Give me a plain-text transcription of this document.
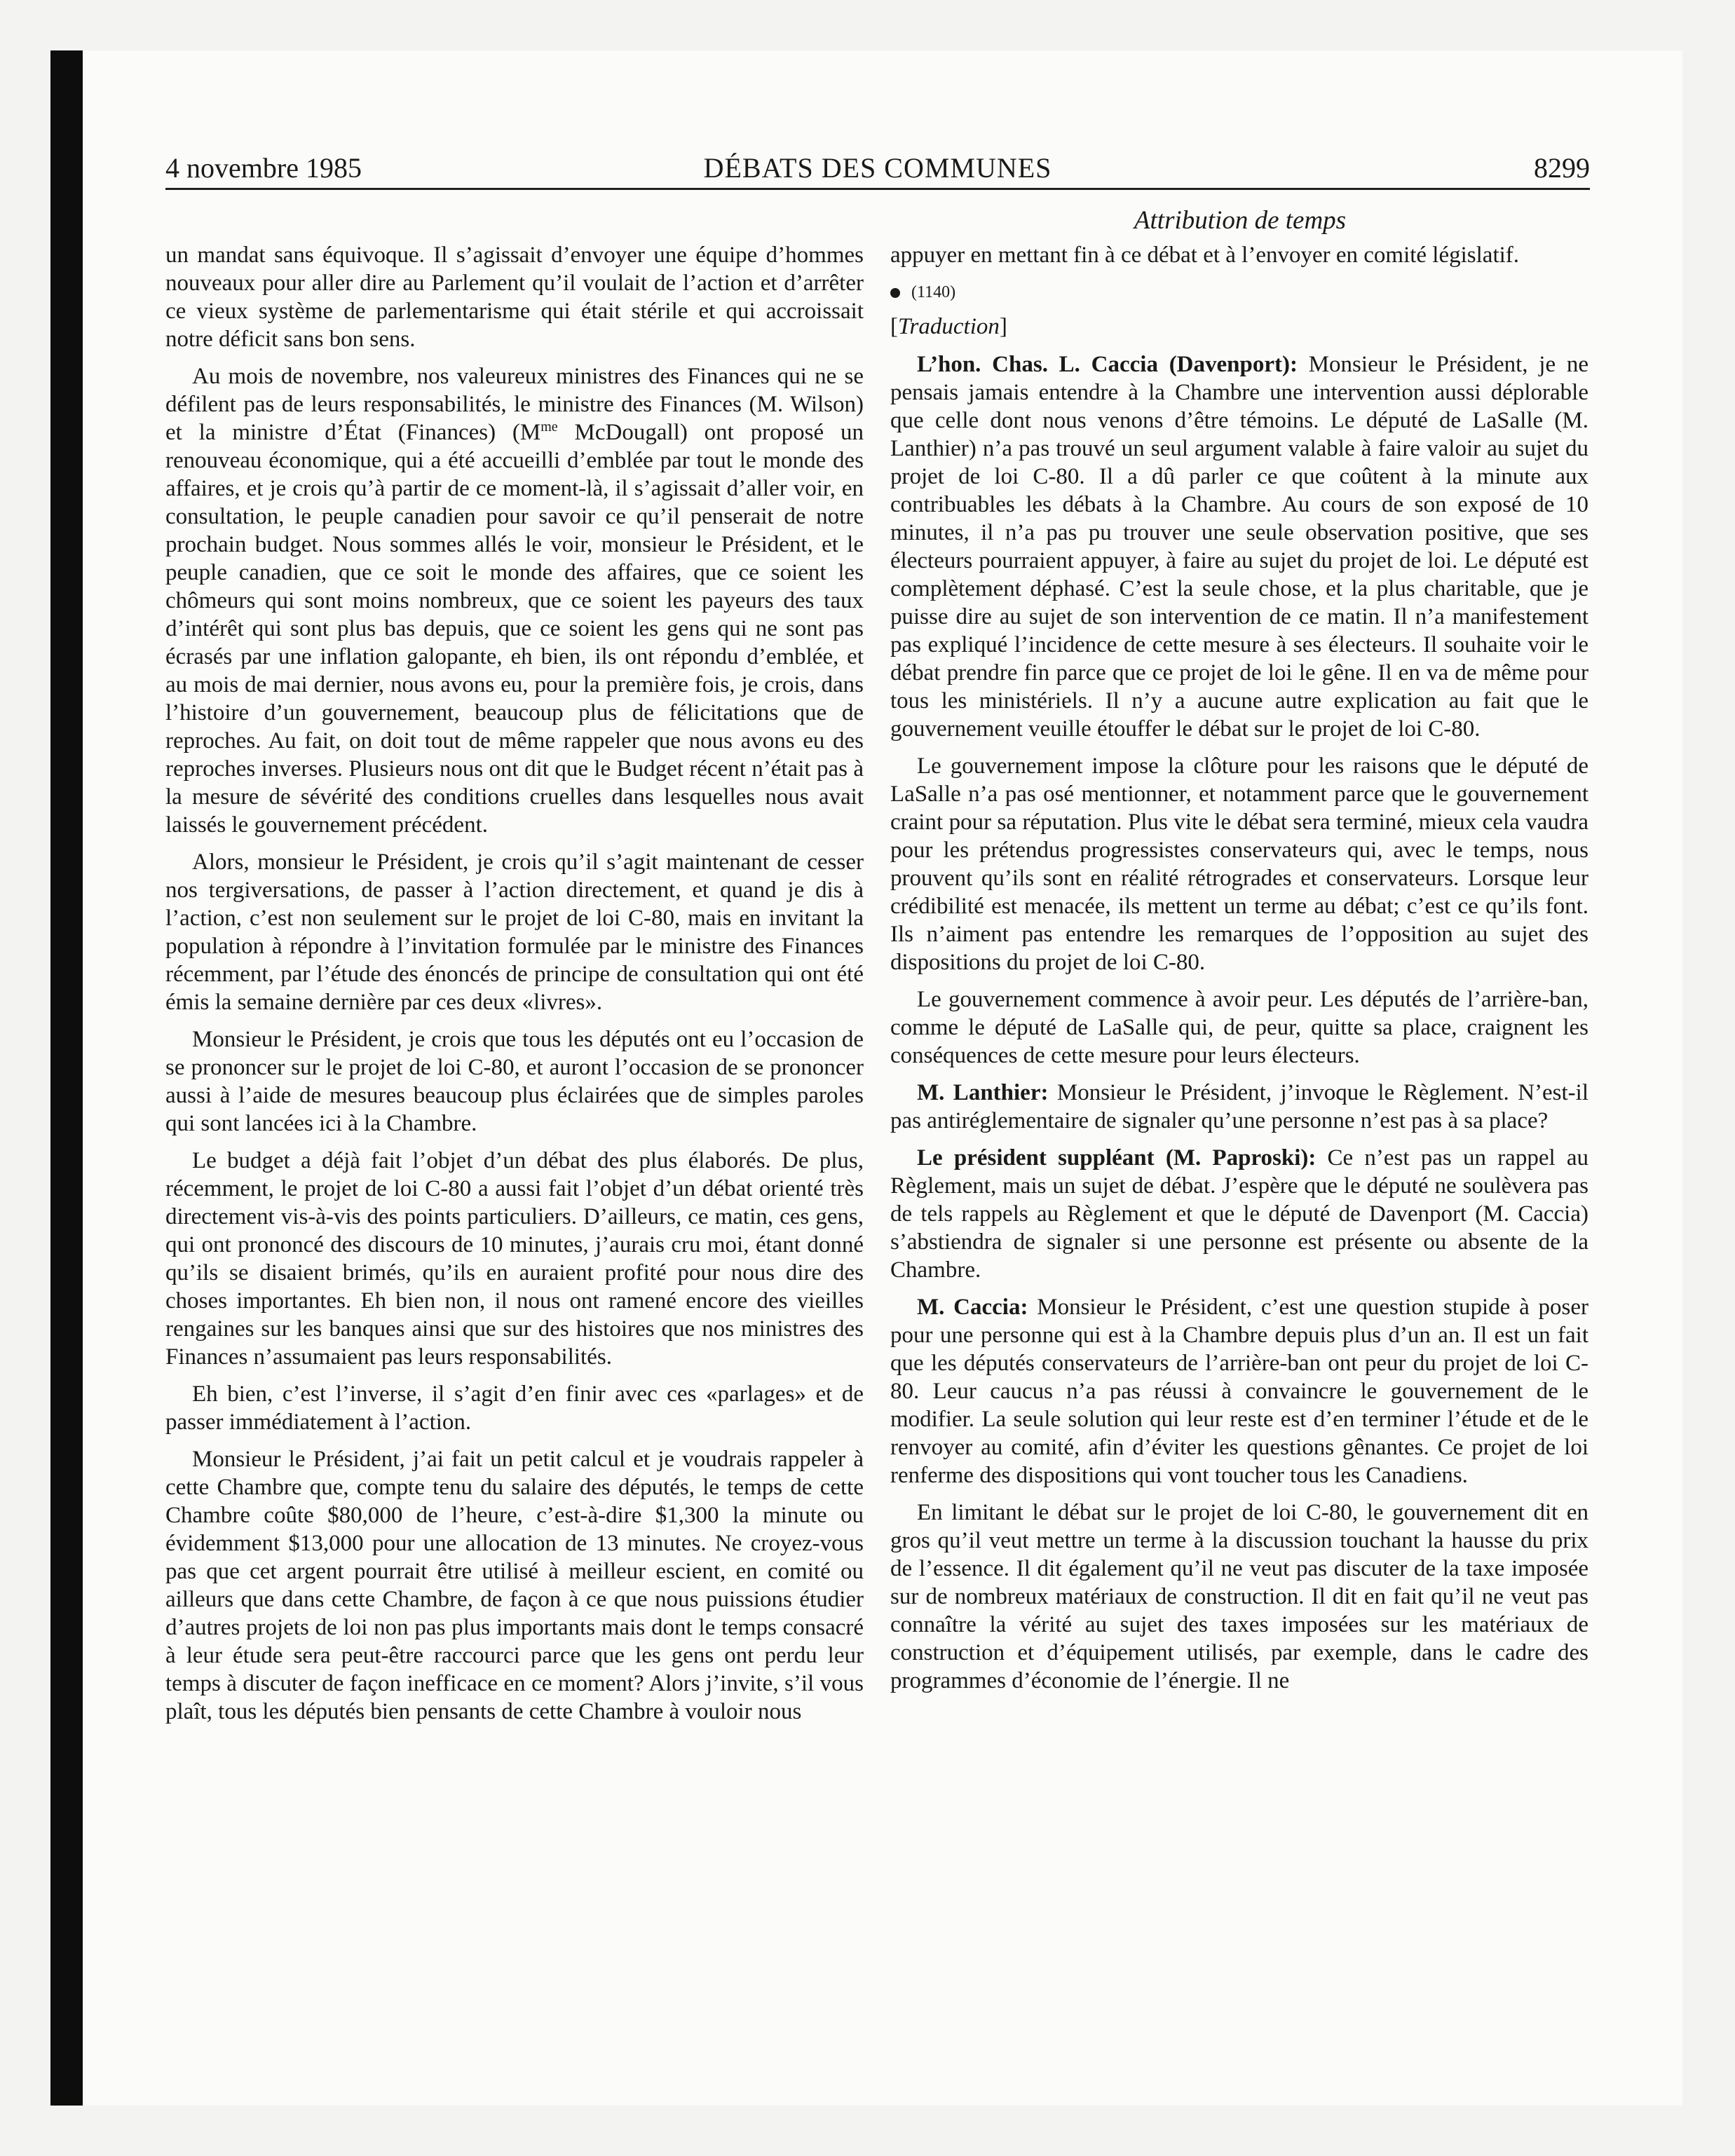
4 novembre 1985	DÉBATS DES COMMUNES	8299
Attribution de temps

un mandat sans équivoque. Il s’agissait d’envoyer une équipe d’hommes nouveaux pour aller dire au Parlement qu’il voulait de l’action et d’arrêter ce vieux système de parlementarisme qui était stérile et qui accroissait notre déficit sans bon sens.

Au mois de novembre, nos valeureux ministres des Finances qui ne se défilent pas de leurs responsabilités, le ministre des Finances (M. Wilson) et la ministre d’État (Finances) ($M^{me}$ McDougall) ont proposé un renouveau économique, qui a été accueilli d’emblée par tout le monde des affaires, et je crois qu’à partir de ce moment-là, il s’agissait d’aller voir, en consultation, le peuple canadien pour savoir ce qu’il penserait de notre prochain budget. Nous sommes allés le voir, monsieur le Président, et le peuple canadien, que ce soit le monde des affaires, que ce soient les chômeurs qui sont moins nombreux, que ce soient les payeurs des taux d’intérêt qui sont plus bas depuis, que ce soient les gens qui ne sont pas écrasés par une inflation galopante, eh bien, ils ont répondu d’emblée, et au mois de mai dernier, nous avons eu, pour la première fois, je crois, dans l’histoire d’un gouvernement, beaucoup plus de félicitations que de reproches. Au fait, on doit tout de même rappeler que nous avons eu des reproches inverses. Plusieurs nous ont dit que le Budget récent n’était pas à la mesure de sévérité des conditions cruelles dans lesquelles nous avait laissés le gouvernement précédent.

Alors, monsieur le Président, je crois qu’il s’agit maintenant de cesser nos tergiversations, de passer à l’action directement, et quand je dis à l’action, c’est non seulement sur le projet de loi C-80, mais en invitant la population à répondre à l’invitation formulée par le ministre des Finances récemment, par l’étude des énoncés de principe de consultation qui ont été émis la semaine dernière par ces deux «livres».

Monsieur le Président, je crois que tous les députés ont eu l’occasion de se prononcer sur le projet de loi C-80, et auront l’occasion de se prononcer aussi à l’aide de mesures beaucoup plus éclairées que de simples paroles qui sont lancées ici à la Chambre.

Le budget a déjà fait l’objet d’un débat des plus élaborés. De plus, récemment, le projet de loi C-80 a aussi fait l’objet d’un débat orienté très directement vis-à-vis des points particuliers. D’ailleurs, ce matin, ces gens, qui ont prononcé des discours de 10 minutes, j’aurais cru moi, étant donné qu’ils se disaient brimés, qu’ils en auraient profité pour nous dire des choses importantes. Eh bien non, il nous ont ramené encore des vieilles rengaines sur les banques ainsi que sur des histoires que nos ministres des Finances n’assumaient pas leurs responsabilités.

Eh bien, c’est l’inverse, il s’agit d’en finir avec ces «parlages» et de passer immédiatement à l’action.

Monsieur le Président, j’ai fait un petit calcul et je voudrais rappeler à cette Chambre que, compte tenu du salaire des députés, le temps de cette Chambre coûte $80,000 de l’heure, c’est-à-dire $1,300 la minute ou évidemment $13,000 pour une allocation de 13 minutes. Ne croyez-vous pas que cet argent pourrait être utilisé à meilleur escient, en comité ou ailleurs que dans cette Chambre, de façon à ce que nous puissions étudier d’autres projets de loi non pas plus importants mais dont le temps consacré à leur étude sera peut-être raccourci parce que les gens ont perdu leur temps à discuter de façon inefficace en ce moment? Alors j’invite, s’il vous plaît, tous les députés bien pensants de cette Chambre à vouloir nous

appuyer en mettant fin à ce débat et à l’envoyer en comité législatif.

(1140)
[Traduction]

L’hon. Chas. L. Caccia (Davenport): Monsieur le Président, je ne pensais jamais entendre à la Chambre une intervention aussi déplorable que celle dont nous venons d’être témoins. Le député de LaSalle (M. Lanthier) n’a pas trouvé un seul argument valable à faire valoir au sujet du projet de loi C-80. Il a dû parler ce que coûtent à la minute aux contribuables les débats à la Chambre. Au cours de son exposé de 10 minutes, il n’a pas pu trouver une seule observation positive, que ses électeurs pourraient appuyer, à faire au sujet du projet de loi. Le député est complètement déphasé. C’est la seule chose, et la plus charitable, que je puisse dire au sujet de son intervention de ce matin. Il n’a manifestement pas expliqué l’incidence de cette mesure à ses électeurs. Il souhaite voir le débat prendre fin parce que ce projet de loi le gêne. Il en va de même pour tous les ministériels. Il n’y a aucune autre explication au fait que le gouvernement veuille étouffer le débat sur le projet de loi C-80.

Le gouvernement impose la clôture pour les raisons que le député de LaSalle n’a pas osé mentionner, et notamment parce que le gouvernement craint pour sa réputation. Plus vite le débat sera terminé, mieux cela vaudra pour les prétendus progressistes conservateurs qui, avec le temps, nous prouvent qu’ils sont en réalité rétrogrades et conservateurs. Lorsque leur crédibilité est menacée, ils mettent un terme au débat; c’est ce qu’ils font. Ils n’aiment pas entendre les remarques de l’opposition au sujet des dispositions du projet de loi C-80.

Le gouvernement commence à avoir peur. Les députés de l’arrière-ban, comme le député de LaSalle qui, de peur, quitte sa place, craignent les conséquences de cette mesure pour leurs électeurs.

M. Lanthier: Monsieur le Président, j’invoque le Règlement. N’est-il pas antiréglementaire de signaler qu’une personne n’est pas à sa place?

Le président suppléant (M. Paproski): Ce n’est pas un rappel au Règlement, mais un sujet de débat. J’espère que le député ne soulèvera pas de tels rappels au Règlement et que le député de Davenport (M. Caccia) s’abstiendra de signaler si une personne est présente ou absente de la Chambre.

M. Caccia: Monsieur le Président, c’est une question stupide à poser pour une personne qui est à la Chambre depuis plus d’un an. Il est un fait que les députés conservateurs de l’arrière-ban ont peur du projet de loi C-80. Leur caucus n’a pas réussi à convaincre le gouvernement de le modifier. La seule solution qui leur reste est d’en terminer l’étude et de le renvoyer au comité, afin d’éviter les questions gênantes. Ce projet de loi renferme des dispositions qui vont toucher tous les Canadiens.

En limitant le débat sur le projet de loi C-80, le gouvernement dit en gros qu’il veut mettre un terme à la discussion touchant la hausse du prix de l’essence. Il dit également qu’il ne veut pas discuter de la taxe imposée sur de nombreux matériaux de construction. Il dit en fait qu’il ne veut pas connaître la vérité au sujet des taxes imposées sur les matériaux de construction et d’équipement utilisés, par exemple, dans le cadre des programmes d’économie de l’énergie. Il ne
